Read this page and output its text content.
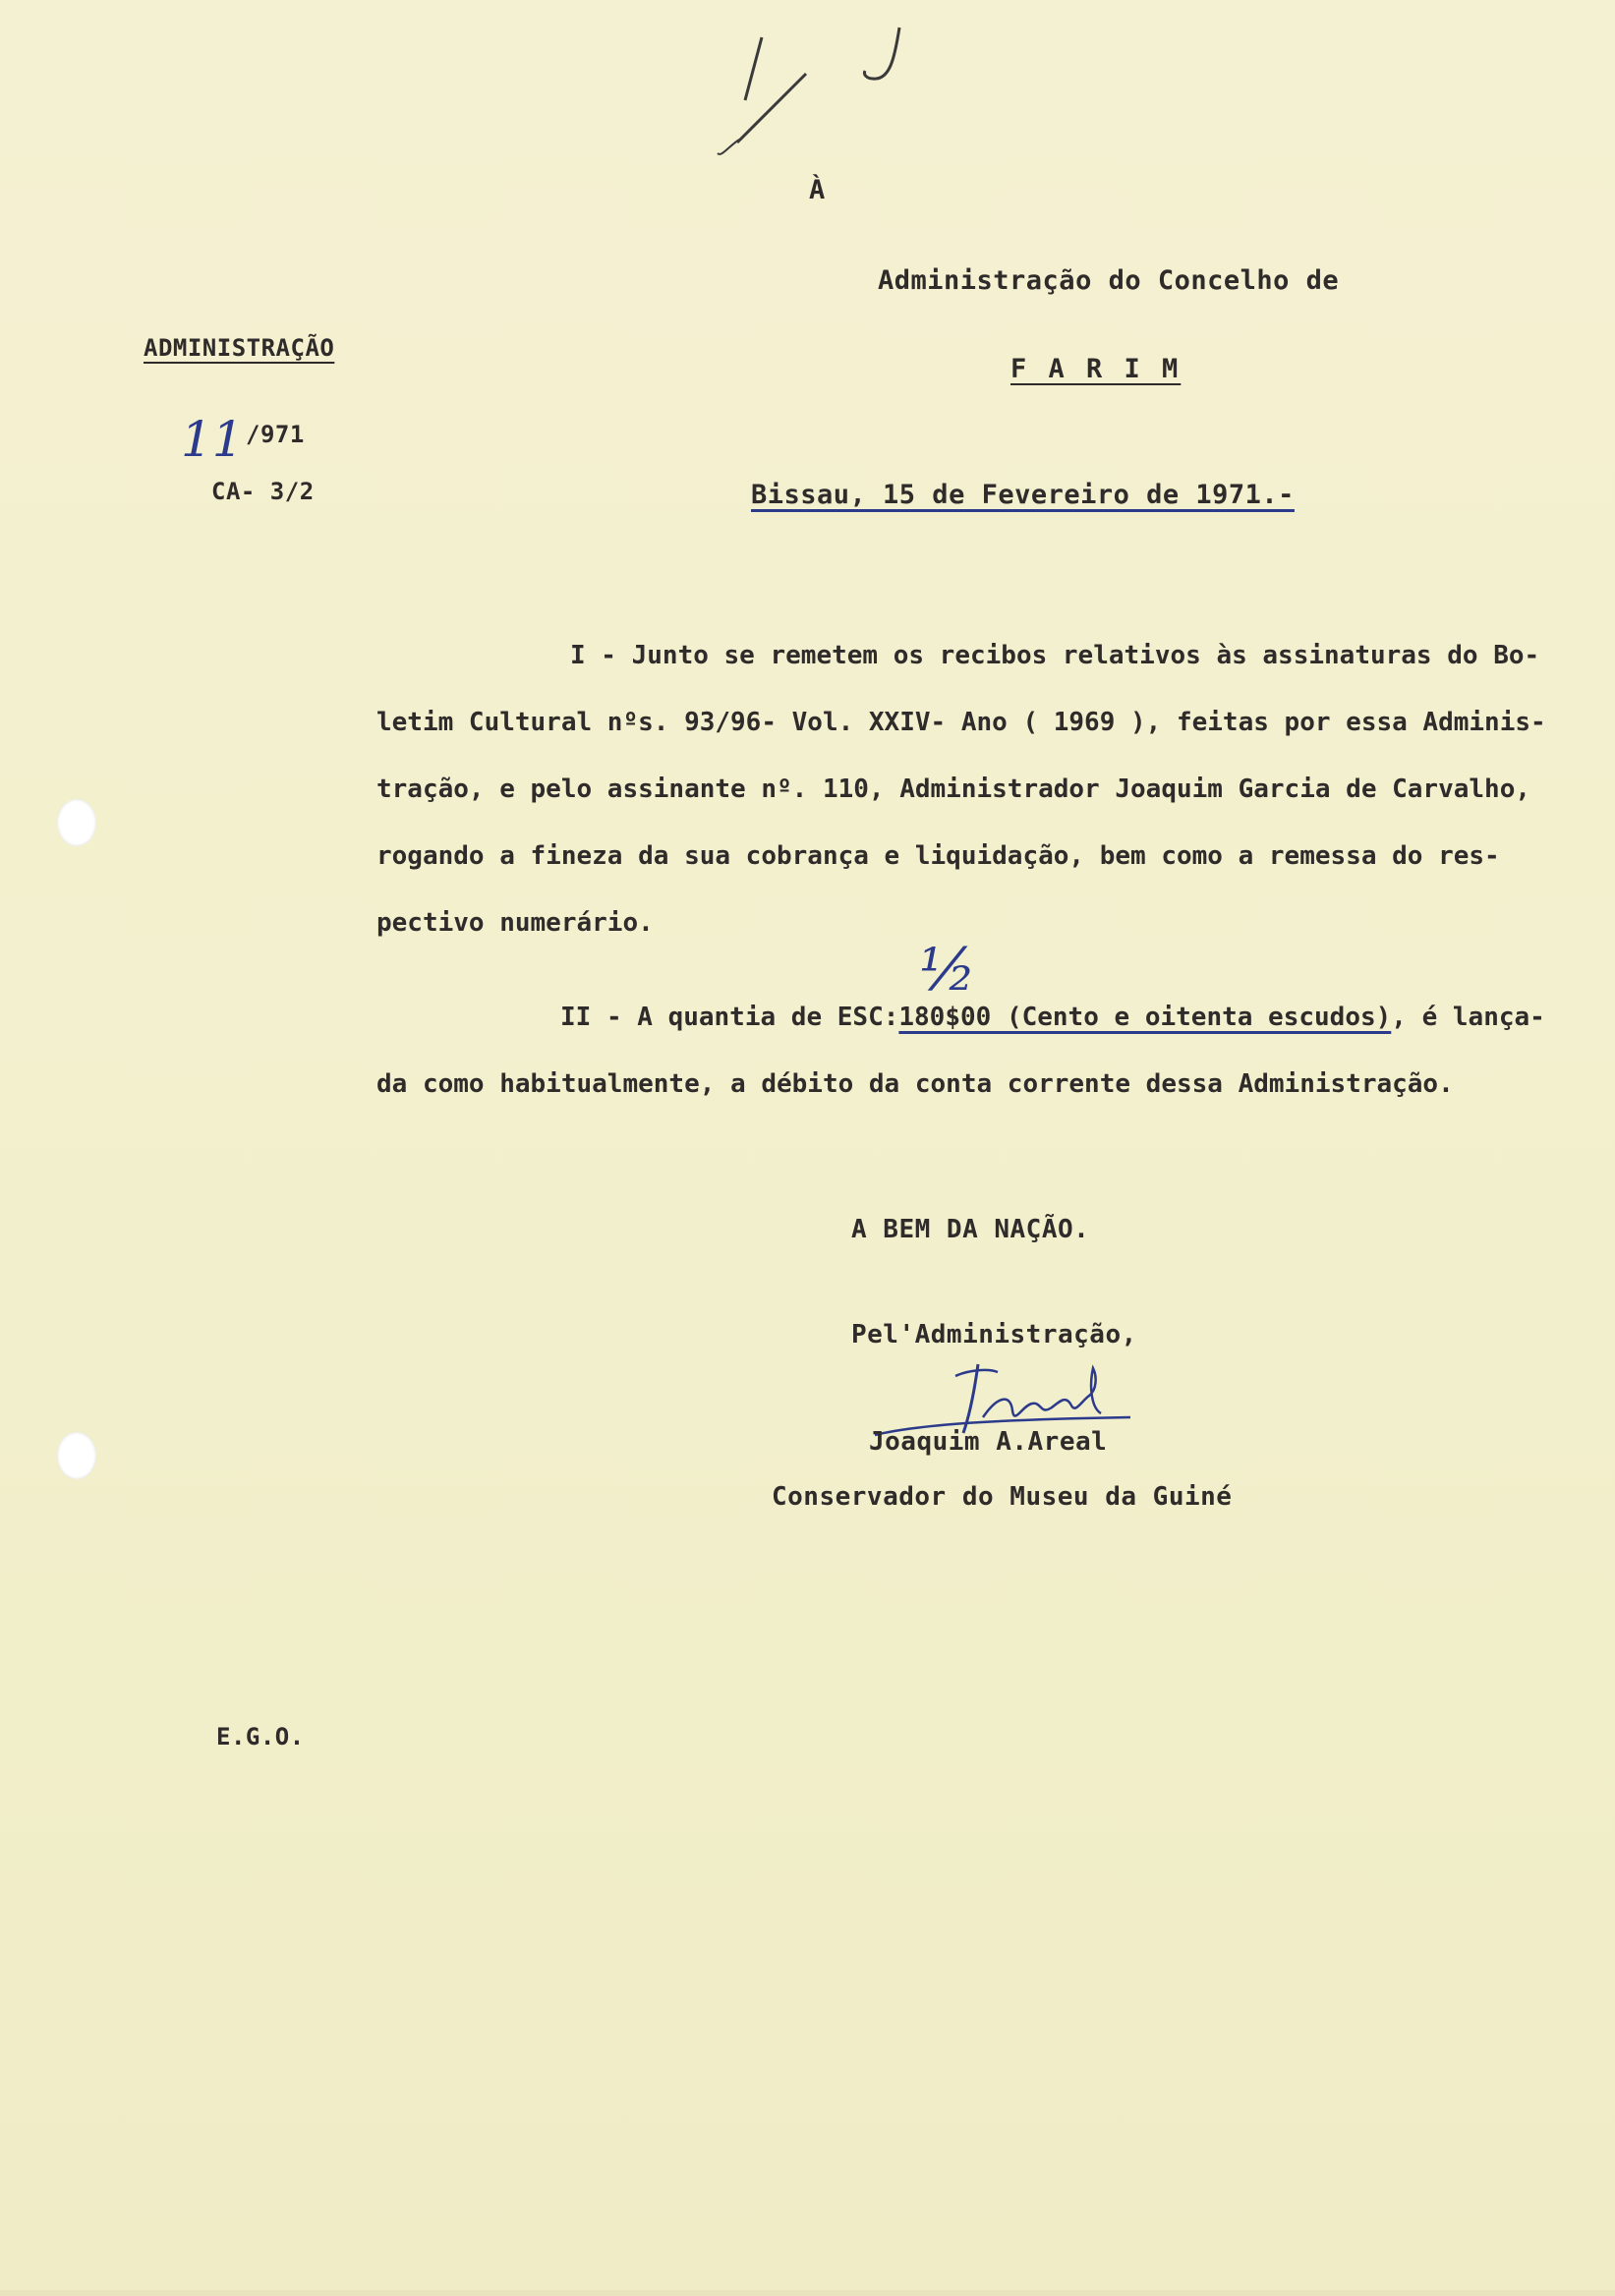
À
Administração do Concelho de
F A R I M
ADMINISTRAÇÃO
11 /971
CA- 3/2	Bissau, 15 de Fevereiro de 1971.-
I - Junto se remetem os recibos relativos às assinaturas do Bo-
letim Cultural nºs. 93/96- Vol. XXIV- Ano ( 1969 ), feitas por essa Adminis-
tração, e pelo assinante nº. 110, Administrador Joaquim Garcia de Carvalho,
rogando a fineza da sua cobrança e liquidação, bem como a remessa do res-
pectivo numerário.
II - A quantia de ESC:180$00 (Cento e oitenta escudos), é lança-
½
da como habitualmente, a débito da conta corrente dessa Administração.
A BEM DA NAÇÃO.
Pel'Administração,
Joaquim A.Areal
Conservador do Museu da Guiné
E.G.O.
